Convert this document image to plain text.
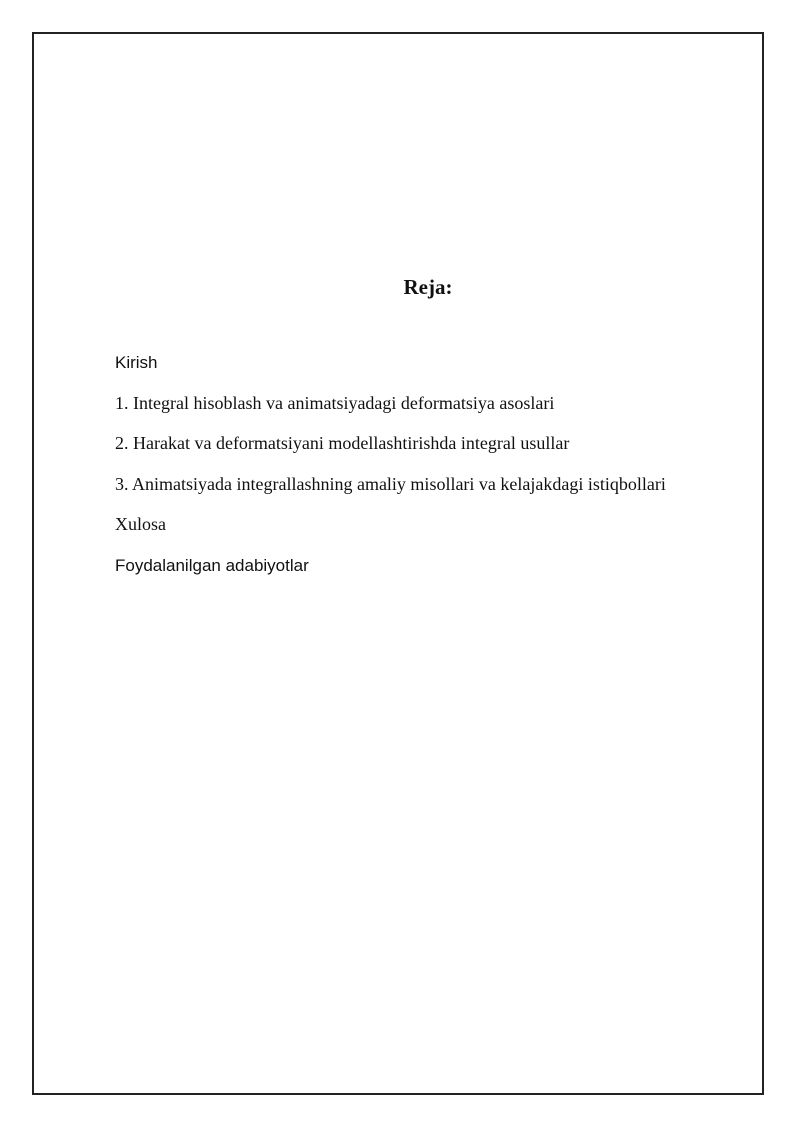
Reja:
Kirish
1. Integral hisoblash va animatsiyadagi deformatsiya asoslari
2. Harakat va deformatsiyani modellashtirishda integral usullar
3. Animatsiyada integrallashning amaliy misollari va kelajakdagi istiqbollari
Xulosa
Foydalanilgan adabiyotlar
